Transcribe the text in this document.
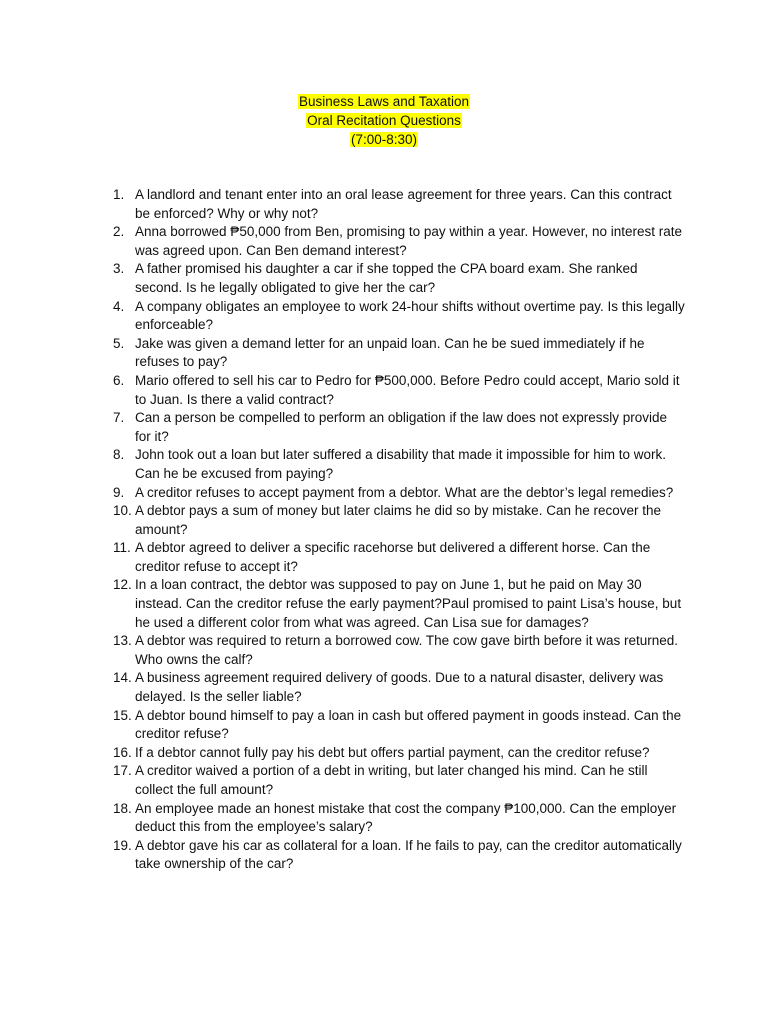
Business Laws and Taxation
Oral Recitation Questions
(7:00-8:30)
1. A landlord and tenant enter into an oral lease agreement for three years. Can this contract be enforced? Why or why not?
2. Anna borrowed ₱50,000 from Ben, promising to pay within a year. However, no interest rate was agreed upon. Can Ben demand interest?
3. A father promised his daughter a car if she topped the CPA board exam. She ranked second. Is he legally obligated to give her the car?
4. A company obligates an employee to work 24-hour shifts without overtime pay. Is this legally enforceable?
5. Jake was given a demand letter for an unpaid loan. Can he be sued immediately if he refuses to pay?
6. Mario offered to sell his car to Pedro for ₱500,000. Before Pedro could accept, Mario sold it to Juan. Is there a valid contract?
7. Can a person be compelled to perform an obligation if the law does not expressly provide for it?
8. John took out a loan but later suffered a disability that made it impossible for him to work. Can he be excused from paying?
9. A creditor refuses to accept payment from a debtor. What are the debtor’s legal remedies?
10. A debtor pays a sum of money but later claims he did so by mistake. Can he recover the amount?
11. A debtor agreed to deliver a specific racehorse but delivered a different horse. Can the creditor refuse to accept it?
12. In a loan contract, the debtor was supposed to pay on June 1, but he paid on May 30 instead. Can the creditor refuse the early payment?Paul promised to paint Lisa’s house, but he used a different color from what was agreed. Can Lisa sue for damages?
13. A debtor was required to return a borrowed cow. The cow gave birth before it was returned. Who owns the calf?
14. A business agreement required delivery of goods. Due to a natural disaster, delivery was delayed. Is the seller liable?
15. A debtor bound himself to pay a loan in cash but offered payment in goods instead. Can the creditor refuse?
16. If a debtor cannot fully pay his debt but offers partial payment, can the creditor refuse?
17. A creditor waived a portion of a debt in writing, but later changed his mind. Can he still collect the full amount?
18. An employee made an honest mistake that cost the company ₱100,000. Can the employer deduct this from the employee’s salary?
19. A debtor gave his car as collateral for a loan. If he fails to pay, can the creditor automatically take ownership of the car?
